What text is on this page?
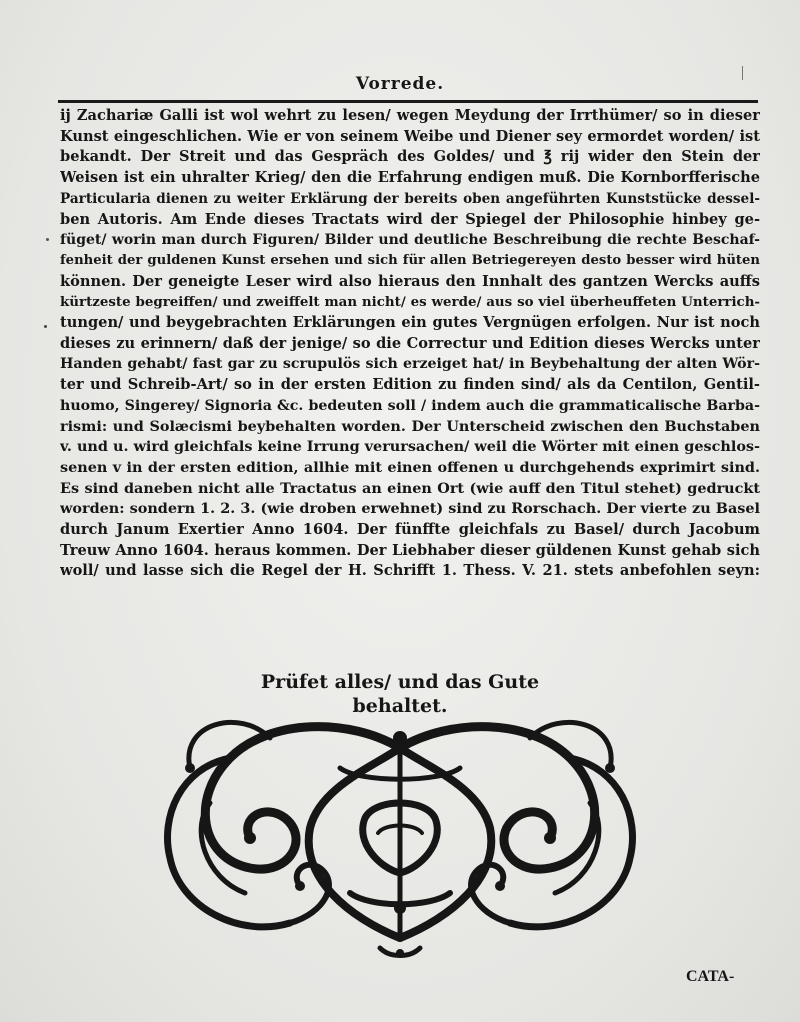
Vorrede.
ij Zachariæ Galli ist wol wehrt zu lesen/ wegen Meydung der Irrthümer/ so in dieser
Kunst eingeschlichen. Wie er von seinem Weibe und Diener sey ermordet worden/ ist
bekandt. Der Streit und das Gespräch des Goldes/ und ℥ rij wider den Stein der
Weisen ist ein uhralter Krieg/ den die Erfahrung endigen muß. Die Kornborfferische
Particularia dienen zu weiter Erklärung der bereits oben angeführten Kunststücke dessel-
ben Autoris. Am Ende dieses Tractats wird der Spiegel der Philosophie hinbey ge-
füget/ worin man durch Figuren/ Bilder und deutliche Beschreibung die rechte Beschaf-
fenheit der guldenen Kunst ersehen und sich für allen Betriegereyen desto besser wird hüten
können. Der geneigte Leser wird also hieraus den Innhalt des gantzen Wercks auffs
kürtzeste begreiffen/ und zweiffelt man nicht/ es werde/ aus so viel überheuffeten Unterrich-
tungen/ und beygebrachten Erklärungen ein gutes Vergnügen erfolgen. Nur ist noch
dieses zu erinnern/ daß der jenige/ so die Correctur und Edition dieses Wercks unter
Handen gehabt/ fast gar zu scrupulös sich erzeiget hat/ in Beybehaltung der alten Wör-
ter und Schreib-Art/ so in der ersten Edition zu finden sind/ als da Centilon, Gentil-
huomo, Singerey/ Signoria &c. bedeuten soll / indem auch die grammaticalische Barba-
rismi: und Solæcismi beybehalten worden. Der Unterscheid zwischen den Buchstaben
v. und u. wird gleichfals keine Irrung verursachen/ weil die Wörter mit einen geschlos-
senen v in der ersten edition, allhie mit einen offenen u durchgehends exprimirt sind.
Es sind daneben nicht alle Tractatus an einen Ort (wie auff den Titul stehet) gedruckt
worden: sondern 1. 2. 3. (wie droben erwehnet) sind zu Rorschach. Der vierte zu Basel
durch Janum Exertier Anno 1604. Der fünffte gleichfals zu Basel/ durch Jacobum
Treuw Anno 1604. heraus kommen. Der Liebhaber dieser güldenen Kunst gehab sich
woll/ und lasse sich die Regel der H. Schrifft 1. Thess. V. 21. stets anbefohlen seyn:
Prüfet alles/ und das Gute
behaltet.
CATA-
